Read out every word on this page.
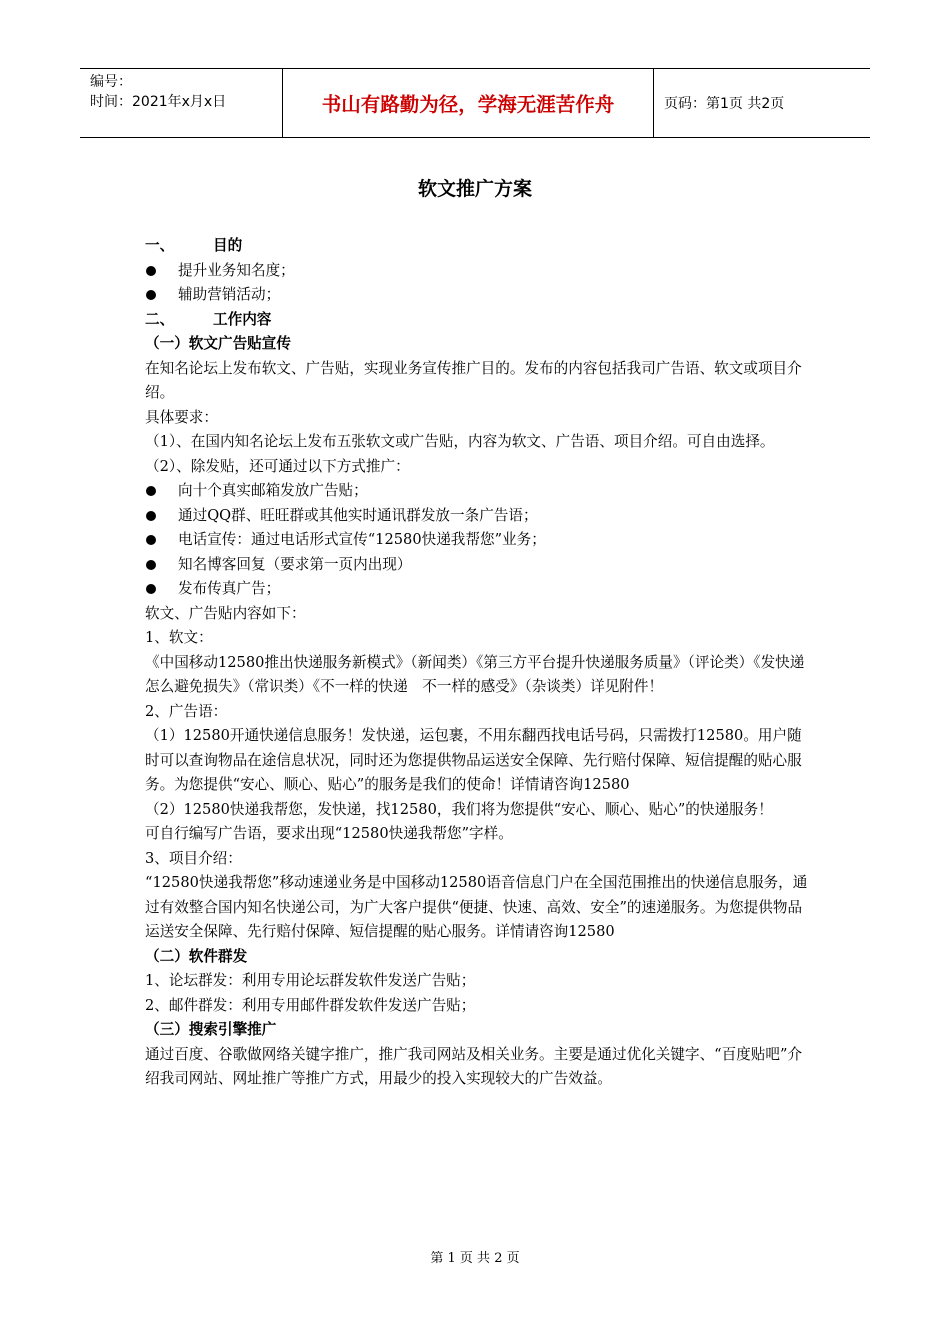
编号：
时间：2021年x月x日	书山有路勤为径，学海无涯苦作舟	页码：第1页 共2页
软文推广方案

一、	目的

提升业务知名度；

辅助营销活动；

二、	工作内容

（一）软文广告贴宣传

在知名论坛上发布软文、广告贴，实现业务宣传推广目的。发布的内容包括我司广告语、软文或项目介绍。

具体要求：

（1）、在国内知名论坛上发布五张软文或广告贴，内容为软文、广告语、项目介绍。可自由选择。

（2）、除发贴，还可通过以下方式推广：

向十个真实邮箱发放广告贴；

通过QQ群、旺旺群或其他实时通讯群发放一条广告语；

电话宣传：通过电话形式宣传“12580快递我帮您”业务；

知名博客回复（要求第一页内出现）

发布传真广告；

软文、广告贴内容如下：

1、软文：

《中国移动12580推出快递服务新模式》（新闻类）《第三方平台提升快递服务质量》（评论类）《发快递怎么避免损失》（常识类）《不一样的快递　不一样的感受》（杂谈类）详见附件！

2、广告语：

（1）12580开通快递信息服务！发快递，运包裹，不用东翻西找电话号码，只需拨打12580。用户随时可以查询物品在途信息状况，同时还为您提供物品运送安全保障、先行赔付保障、短信提醒的贴心服务。为您提供“安心、顺心、贴心”的服务是我们的使命！详情请咨询12580

（2）12580快递我帮您，发快递，找12580，我们将为您提供“安心、顺心、贴心”的快递服务！

可自行编写广告语，要求出现“12580快递我帮您”字样。

3、项目介绍：

“12580快递我帮您”移动速递业务是中国移动12580语音信息门户在全国范围推出的快递信息服务，通过有效整合国内知名快递公司，为广大客户提供“便捷、快速、高效、安全”的速递服务。为您提供物品运送安全保障、先行赔付保障、短信提醒的贴心服务。详情请咨询12580

（二）软件群发

1、论坛群发：利用专用论坛群发软件发送广告贴；

2、邮件群发：利用专用邮件群发软件发送广告贴；

（三）搜索引擎推广

通过百度、谷歌做网络关键字推广，推广我司网站及相关业务。主要是通过优化关键字、“百度贴吧”介绍我司网站、网址推广等推广方式，用最少的投入实现较大的广告效益。

第 1 页 共 2 页
